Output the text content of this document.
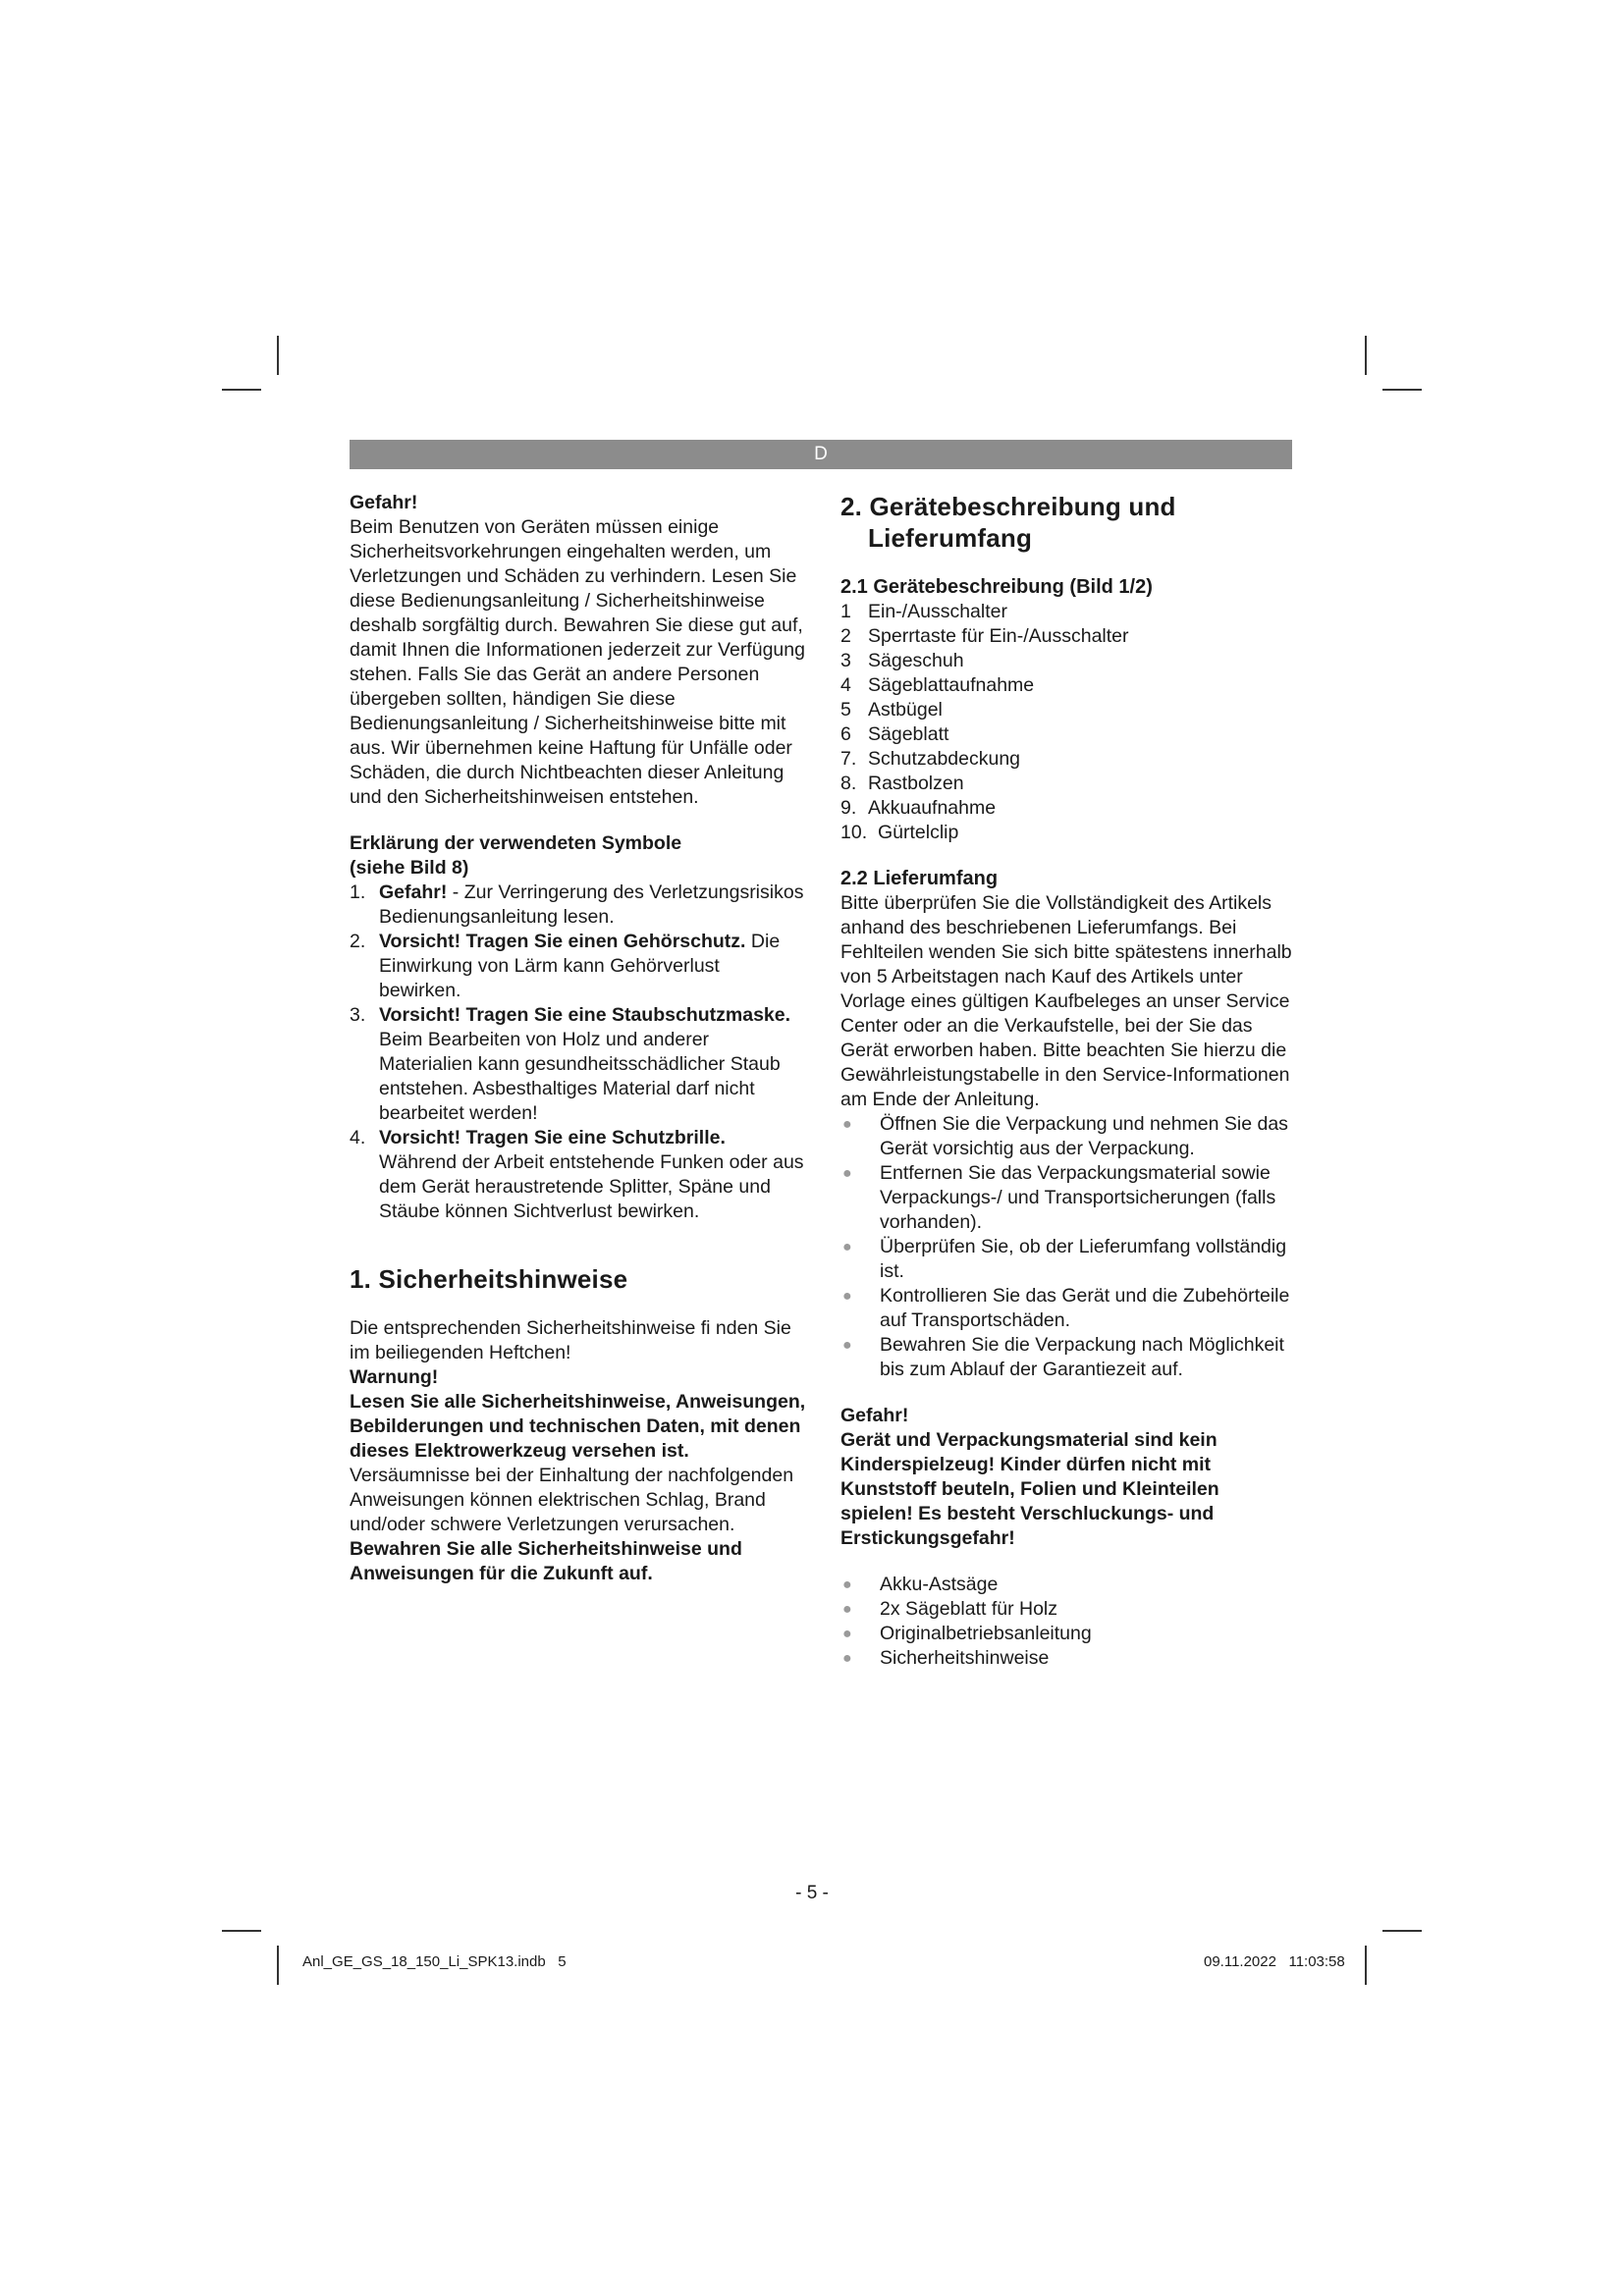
D

Gefahr!

Beim Benutzen von Geräten müssen einige Sicherheitsvorkehrungen eingehalten werden, um Verletzungen und Schäden zu verhindern. Lesen Sie diese Bedienungsanleitung / Sicherheitshinweise deshalb sorgfältig durch. Bewahren Sie diese gut auf, damit Ihnen die Informationen jederzeit zur Verfügung stehen. Falls Sie das Gerät an andere Personen übergeben sollten, händigen Sie diese Bedienungsanleitung / Sicherheitshinweise bitte mit aus. Wir übernehmen keine Haftung für Unfälle oder Schäden, die durch Nichtbeachten dieser Anleitung und den Sicherheitshinweisen entstehen.

Erklärung der verwendeten Symbole

(siehe Bild 8)

1. Gefahr! - Zur Verringerung des Verletzungsrisikos Bedienungsanleitung lesen.
2. Vorsicht! Tragen Sie einen Gehörschutz. Die Einwirkung von Lärm kann Gehörverlust bewirken.
3. Vorsicht! Tragen Sie eine Staubschutzmaske. Beim Bearbeiten von Holz und anderer Materialien kann gesundheitsschädlicher Staub entstehen. Asbesthaltiges Material darf nicht bearbeitet werden!
4. Vorsicht! Tragen Sie eine Schutzbrille. Während der Arbeit entstehende Funken oder aus dem Gerät heraustretende Splitter, Späne und Stäube können Sichtverlust bewirken.

1. Sicherheitshinweise

Die entsprechenden Sicherheitshinweise fi nden Sie im beiliegenden Heftchen!

Warnung!

Lesen Sie alle Sicherheitshinweise, Anweisungen, Bebilderungen und technischen Daten, mit denen dieses Elektrowerkzeug versehen ist. Versäumnisse bei der Einhaltung der nachfolgenden Anweisungen können elektrischen Schlag, Brand und/oder schwere Verletzungen verursachen.

Bewahren Sie alle Sicherheitshinweise und Anweisungen für die Zukunft auf.

2. Gerätebeschreibung und
Lieferumfang

2.1 Gerätebeschreibung (Bild 1/2)

1 Ein-/Ausschalter
2 Sperrtaste für Ein-/Ausschalter
3 Sägeschuh
4 Sägeblattaufnahme
5 Astbügel
6 Sägeblatt
7. Schutzabdeckung
8. Rastbolzen
9. Akkuaufnahme
10. Gürtelclip

2.2 Lieferumfang

Bitte überprüfen Sie die Vollständigkeit des Artikels anhand des beschriebenen Lieferumfangs. Bei Fehlteilen wenden Sie sich bitte spätestens innerhalb von 5 Arbeitstagen nach Kauf des Artikels unter Vorlage eines gültigen Kaufbeleges an unser Service Center oder an die Verkaufstelle, bei der Sie das Gerät erworben haben. Bitte beachten Sie hierzu die Gewährleistungstabelle in den Service-Informationen am Ende der Anleitung.

●	Öffnen Sie die Verpackung und nehmen Sie das Gerät vorsichtig aus der Verpackung.
●	Entfernen Sie das Verpackungsmaterial sowie Verpackungs-/ und Transportsicherungen (falls vorhanden).
●	Überprüfen Sie, ob der Lieferumfang vollständig ist.
●	Kontrollieren Sie das Gerät und die Zubehörteile auf Transportschäden.
●	Bewahren Sie die Verpackung nach Möglichkeit bis zum Ablauf der Garantiezeit auf.

Gefahr!

Gerät und Verpackungsmaterial sind kein Kinderspielzeug! Kinder dürfen nicht mit Kunststoff beuteln, Folien und Kleinteilen spielen! Es besteht Verschluckungs- und Erstickungsgefahr!

●	Akku-Astsäge
●	2x Sägeblatt für Holz
●	Originalbetriebsanleitung
●	Sicherheitshinweise
- 5 -
Anl_GE_GS_18_150_Li_SPK13.indb   5	09.11.2022   11:03:58
